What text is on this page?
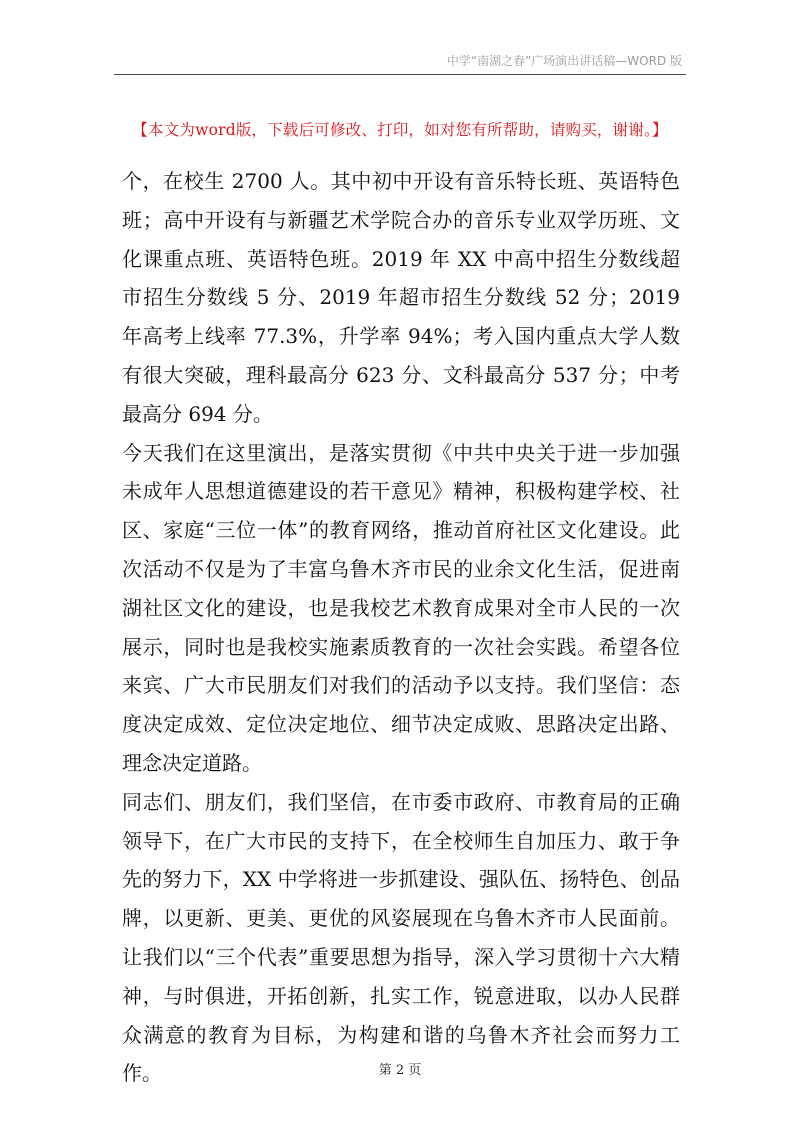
中学“南湖之春”广场演出讲话稿—WORD 版
【本文为word版，下载后可修改、打印，如对您有所帮助，请购买，谢谢。】

个，在校生 2700 人。其中初中开设有音乐特长班、英语特色班；高中开设有与新疆艺术学院合办的音乐专业双学历班、文化课重点班、英语特色班。2019 年 XX 中高中招生分数线超市招生分数线 5 分、2019 年超市招生分数线 52 分；2019 年高考上线率 77.3%，升学率 94%；考入国内重点大学人数有很大突破，理科最高分 623 分、文科最高分 537 分；中考最高分 694 分。

今天我们在这里演出，是落实贯彻《中共中央关于进一步加强未成年人思想道德建设的若干意见》精神，积极构建学校、社区、家庭“三位一体”的教育网络，推动首府社区文化建设。此次活动不仅是为了丰富乌鲁木齐市民的业余文化生活，促进南湖社区文化的建设，也是我校艺术教育成果对全市人民的一次展示，同时也是我校实施素质教育的一次社会实践。希望各位来宾、广大市民朋友们对我们的活动予以支持。我们坚信：态度决定成效、定位决定地位、细节决定成败、思路决定出路、理念决定道路。

同志们、朋友们，我们坚信，在市委市政府、市教育局的正确领导下，在广大市民的支持下，在全校师生自加压力、敢于争先的努力下，XX 中学将进一步抓建设、强队伍、扬特色、创品牌，以更新、更美、更优的风姿展现在乌鲁木齐市人民面前。让我们以“三个代表”重要思想为指导，深入学习贯彻十六大精神，与时俱进，开拓创新，扎实工作，锐意进取，以办人民群众满意的教育为目标，为构建和谐的乌鲁木齐社会而努力工作。	第 2 页
